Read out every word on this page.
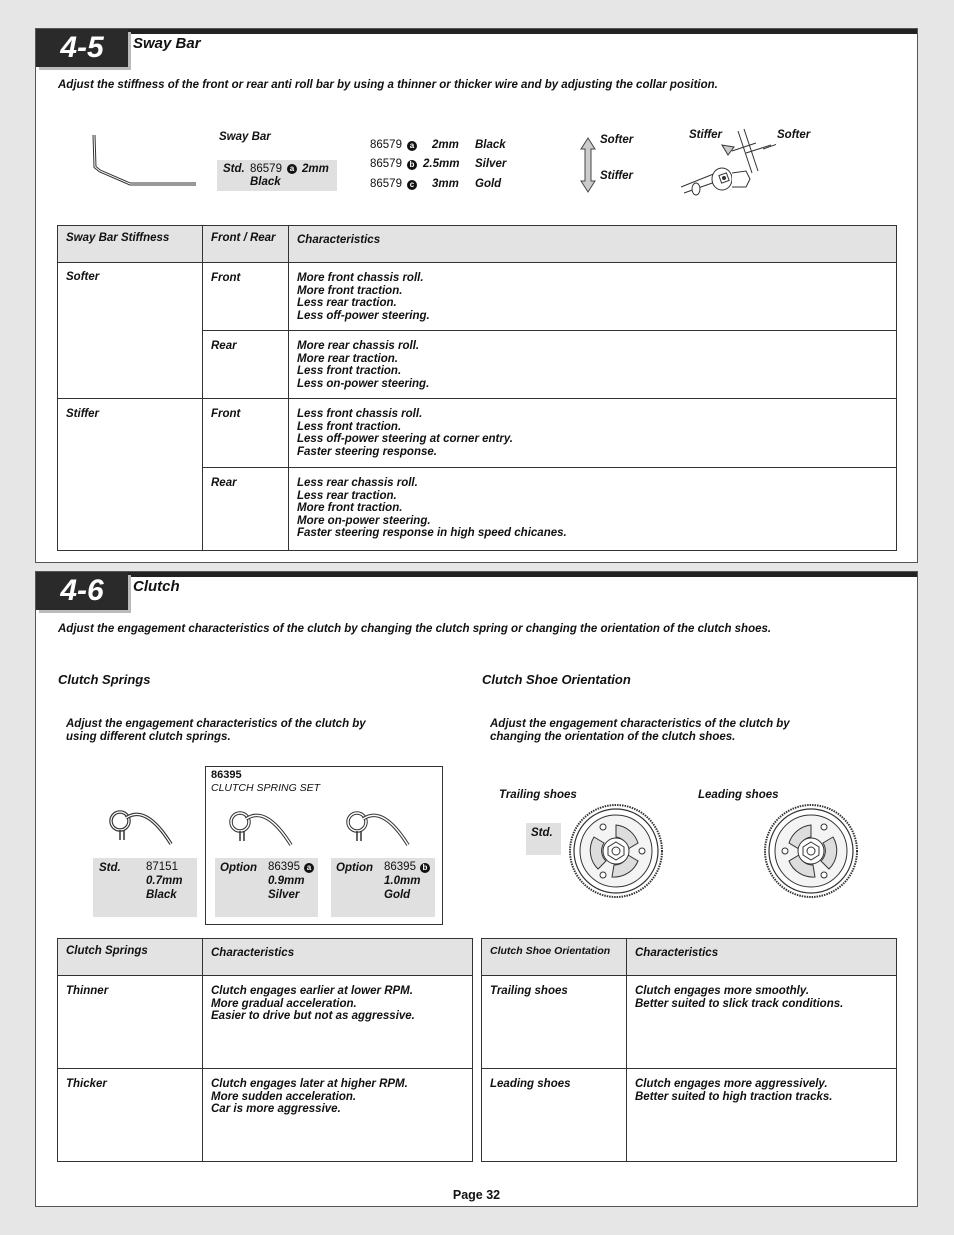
4-5	Sway Bar
Adjust the stiffness of the front or rear anti roll bar by using a thinner or thicker wire and by adjusting the collar position.
Sway Bar
Std. 86579 a 2mm
Black
86579 a 2mm Black
86579 b 2.5mm Silver
86579 c 3mm Gold
Softer
Stiffer
Stiffer	Softer
Sway Bar Stiffness	Front / Rear	Characteristics
Softer	Front	More front chassis roll.
More front traction.
Less rear traction.
Less off-power steering.

	Rear	More rear chassis roll.
More rear traction.
Less front traction.
Less on-power steering.

Stiffer	Front	Less front chassis roll.
Less front traction.
Less off-power steering at corner entry.
Faster steering response.

	Rear	Less rear chassis roll.
Less rear traction.
More front traction.
More on-power steering.
Faster steering response in high speed chicanes.
4-6	Clutch
Adjust the engagement characteristics of the clutch by changing the clutch spring or changing the orientation of the clutch shoes.
Clutch Springs
Adjust the engagement characteristics of the clutch by
using different clutch springs.
Clutch Shoe Orientation
Adjust the engagement characteristics of the clutch by
changing the orientation of the clutch shoes.
Std. 87151
0.7mm
Black
86395
CLUTCH SPRING SET
Option 86395 a
0.9mm
Silver
Option 86395 b
1.0mm
Gold
Trailing shoes	Leading shoes
Std.
Page 32
Clutch Springs	Characteristics
Thinner	Clutch engages earlier at lower RPM.
More gradual acceleration.
Easier to drive but not as aggressive.

Thicker	Clutch engages later at higher RPM.
More sudden acceleration.
Car is more aggressive.
Clutch Shoe Orientation	Characteristics
Trailing shoes	Clutch engages more smoothly.
Better suited to slick track conditions.

Leading shoes	Clutch engages more aggressively.
Better suited to high traction tracks.
